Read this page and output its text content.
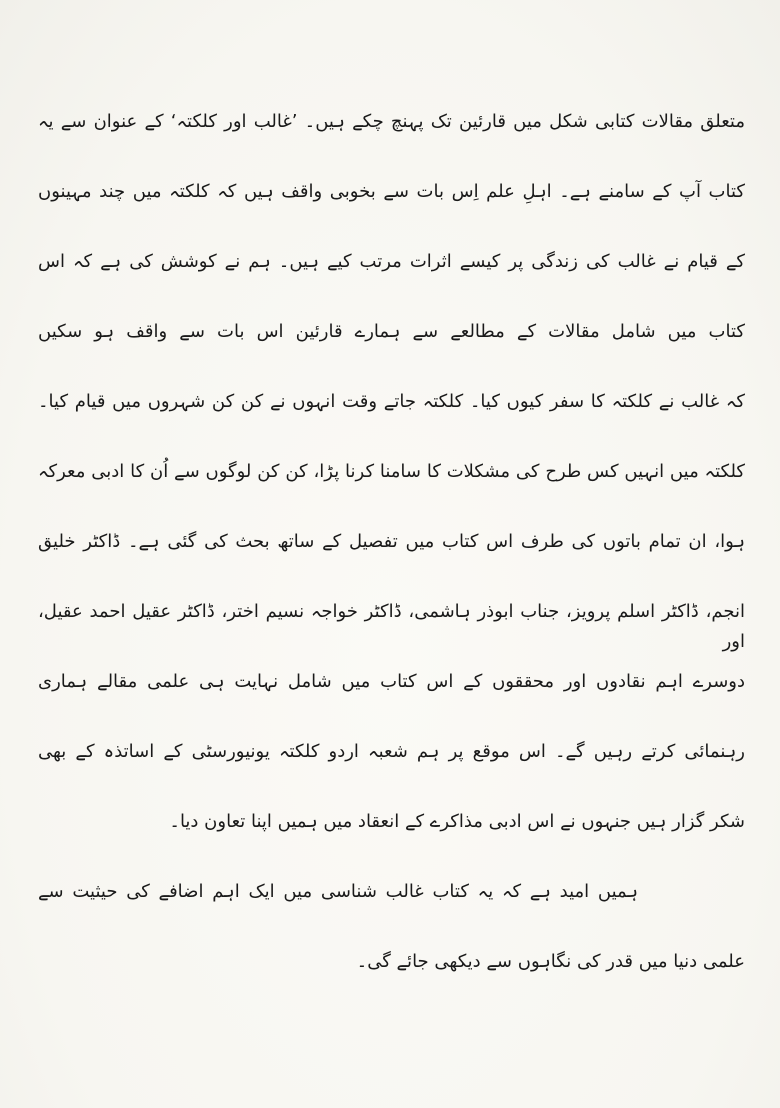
متعلق مقالات کتابی شکل میں قارئین تک پہنچ چکے ہیں۔ ’غالب اور کلکتہ‘ کے عنوان سے یہ
کتاب آپ کے سامنے ہے۔ اہلِ علم اِس بات سے بخوبی واقف ہیں کہ کلکتہ میں چند مہینوں
کے قیام نے غالب کی زندگی پر کیسے اثرات مرتب کیے ہیں۔ ہم نے کوشش کی ہے کہ اس
کتاب میں شامل مقالات کے مطالعے سے ہمارے قارئین اس بات سے واقف ہو سکیں
کہ غالب نے کلکتہ کا سفر کیوں کیا۔ کلکتہ جاتے وقت انہوں نے کن کن شہروں میں قیام کیا۔
کلکتہ میں انہیں کس طرح کی مشکلات کا سامنا کرنا پڑا، کن کن لوگوں سے اُن کا ادبی معرکہ
ہوا، ان تمام باتوں کی طرف اس کتاب میں تفصیل کے ساتھ بحث کی گئی ہے۔ ڈاکٹر خلیق
انجم، ڈاکٹر اسلم پرویز، جناب ابوذر ہاشمی، ڈاکٹر خواجہ نسیم اختر، ڈاکٹر عقیل احمد عقیل، اور
دوسرے اہم نقادوں اور محققوں کے اس کتاب میں شامل نہایت ہی علمی مقالے ہماری
رہنمائی کرتے رہیں گے۔ اس موقع پر ہم شعبہ اردو کلکتہ یونیورسٹی کے اساتذہ کے بھی
شکر گزار ہیں جنہوں نے اس ادبی مذاکرے کے انعقاد میں ہمیں اپنا تعاون دیا۔
ہمیں امید ہے کہ یہ کتاب غالب شناسی میں ایک اہم اضافے کی حیثیت سے
علمی دنیا میں قدر کی نگاہوں سے دیکھی جائے گی۔
